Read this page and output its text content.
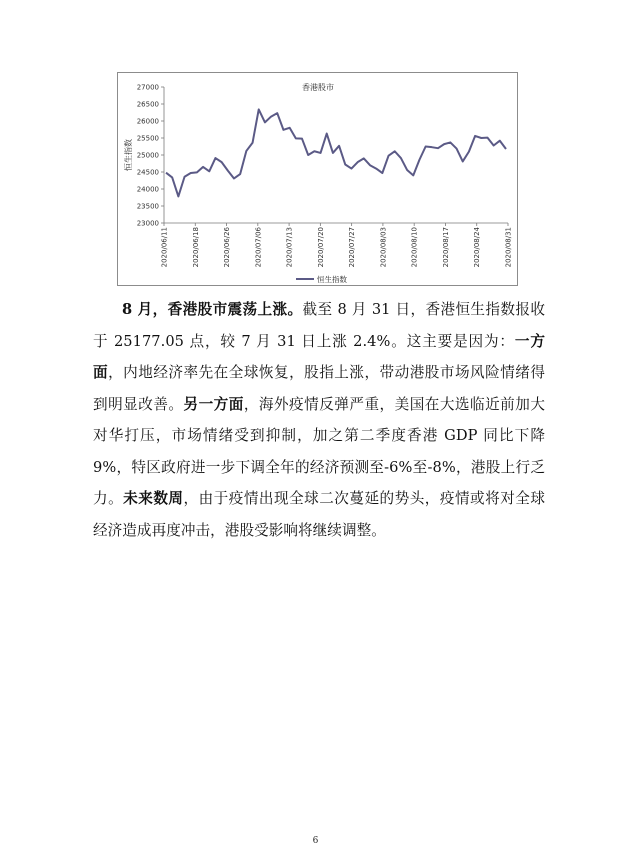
香港股市
恒生指数
23000
23500
24000
24500
25000
25500
26000
26500
27000
2020/06/11	2020/06/18	2020/06/26	2020/07/06	2020/07/13	2020/07/20	2020/07/27	2020/08/03	2020/08/10	2020/08/17	2020/08/24	2020/08/31
恒生指数

8 月，香港股市震荡上涨。截至 8 月 31 日，香港恒生指数报收于 25177.05 点，较 7 月 31 日上涨 2.4%。这主要是因为：一方面，内地经济率先在全球恢复，股指上涨，带动港股市场风险情绪得到明显改善。另一方面，海外疫情反弹严重，美国在大选临近前加大对华打压，市场情绪受到抑制，加之第二季度香港 GDP 同比下降 9%，特区政府进一步下调全年的经济预测至-6%至-8%，港股上行乏力。未来数周，由于疫情出现全球二次蔓延的势头，疫情或将对全球经济造成再度冲击，港股受影响将继续调整。

6
